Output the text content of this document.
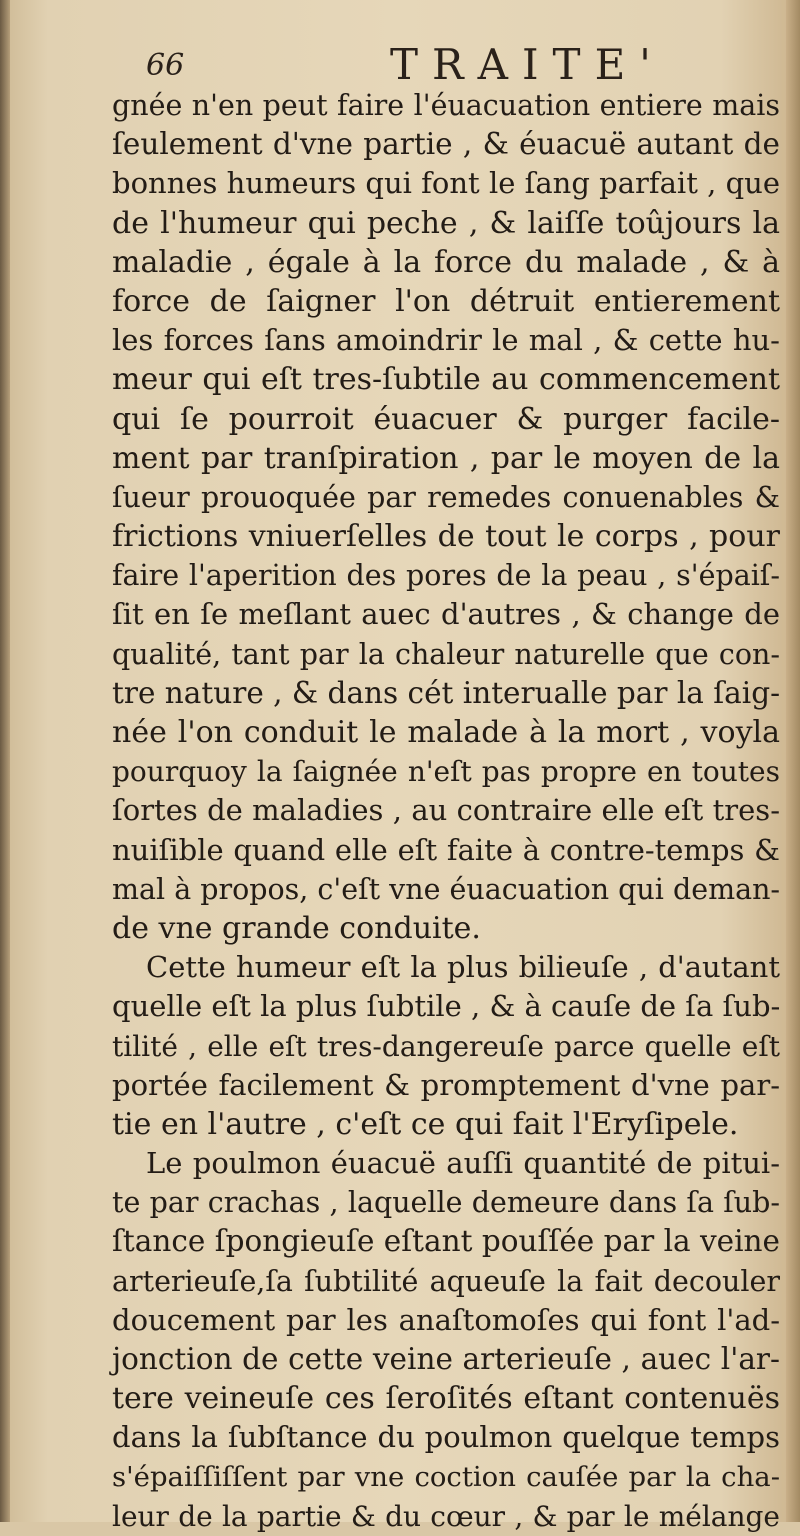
66	TRAITE'
gnée n'en peut faire l'éuacuation entiere mais
ſeulement d'vne partie , & éuacuë autant de
bonnes humeurs qui font le ſang parfait , que
de l'humeur qui peche , & laiſſe toûjours la
maladie , égale à la force du malade , & à
force de ſaigner l'on détruit entierement
les forces ſans amoindrir le mal , & cette hu-
meur qui eſt tres-ſubtile au commencement
qui ſe pourroit éuacuer & purger facile-
ment par tranſpiration , par le moyen de la
ſueur prouoquée par remedes conuenables &
frictions vniuerſelles de tout le corps , pour
faire l'aperition des pores de la peau , s'épaiſ-
ſit en ſe meſlant auec d'autres , & change de
qualité, tant par la chaleur naturelle que con-
tre nature , & dans cét interualle par la ſaig-
née l'on conduit le malade à la mort , voyla
pourquoy la ſaignée n'eſt pas propre en toutes
ſortes de maladies , au contraire elle eſt tres-
nuiſible quand elle eſt faite à contre-temps &
mal à propos, c'eſt vne éuacuation qui deman-
de vne grande conduite.
Cette humeur eſt la plus bilieuſe , d'autant
quelle eſt la plus ſubtile , & à cauſe de ſa ſub-
tilité , elle eſt tres-dangereuſe parce quelle eſt
portée facilement & promptement d'vne par-
tie en l'autre , c'eſt ce qui fait l'Eryſipele.
Le poulmon éuacuë auſſi quantité de pitui-
te par crachas , laquelle demeure dans ſa ſub-
ſtance ſpongieuſe eſtant pouſſée par la veine
arterieuſe,ſa ſubtilité aqueuſe la fait decouler
doucement par les anaſtomoſes qui font l'ad-
jonction de cette veine arterieuſe , auec l'ar-
tere veineuſe ces ſeroſités eſtant contenuës
dans la ſubſtance du poulmon quelque temps
s'épaiſſiſſent par vne coction cauſée par la cha-
leur de la partie & du cœur , & par le mélange
